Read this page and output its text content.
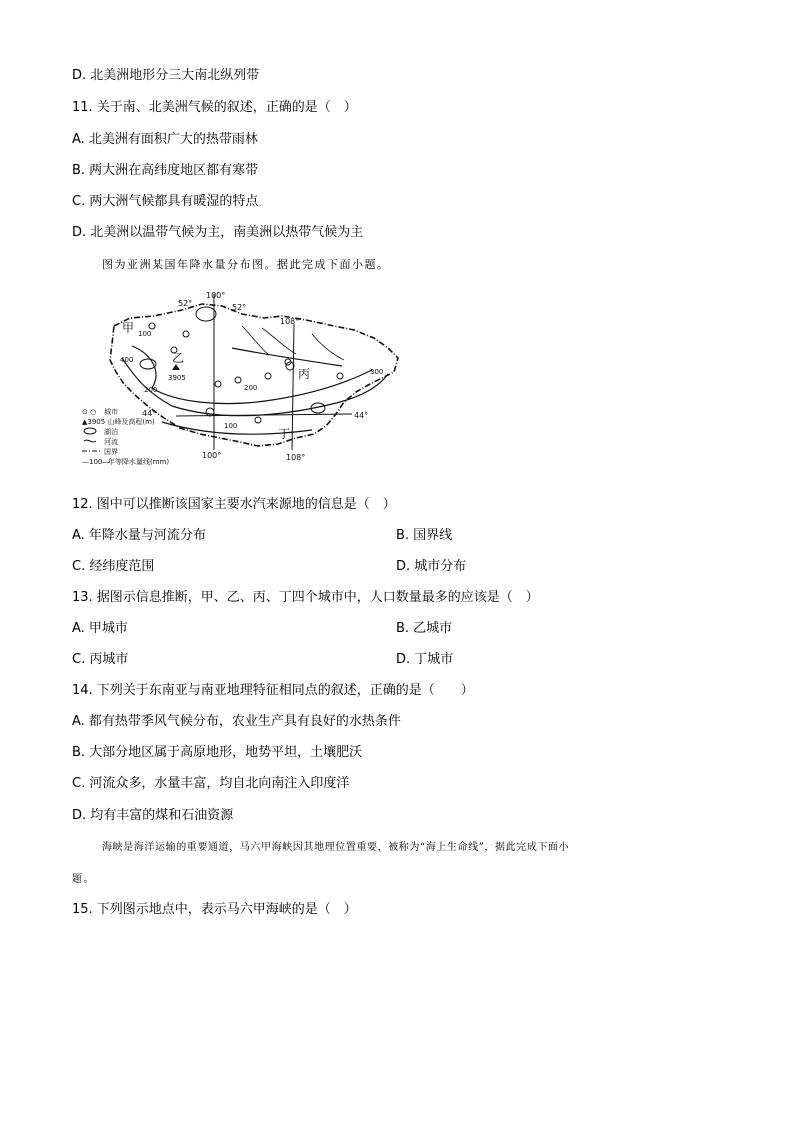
D. 北美洲地形分三大南北纵列带
11. 关于南、北美洲气候的叙述，正确的是（　）
A. 北美洲有面积广大的热带雨林
B. 两大洲在高纬度地区都有寒带
C. 两大洲气候都具有暖湿的特点
D. 北美洲以温带气候为主，南美洲以热带气候为主
图为亚洲某国年降水量分布图。据此完成下面小题。
52°	52°
44°	44°
100°
108°
100°	108°
甲
乙
丙
丁
3905
100
200
300
400
100
200
⊙ ○ 城市
▲3905 山峰及高程(m)
湖泊
河流
国界
—100—
年等降水量线(mm)
12. 图中可以推断该国家主要水汽来源地的信息是（　）
A. 年降水量与河流分布	B. 国界线
C. 经纬度范围	D. 城市分布
13. 据图示信息推断，甲、乙、丙、丁四个城市中，人口数量最多的应该是（　）
A. 甲城市	B. 乙城市
C. 丙城市	D. 丁城市
14. 下列关于东南亚与南亚地理特征相同点的叙述，正确的是（　　）
A. 都有热带季风气候分布，农业生产具有良好的水热条件
B. 大部分地区属于高原地形，地势平坦，土壤肥沃
C. 河流众多，水量丰富，均自北向南注入印度洋
D. 均有丰富的煤和石油资源
海峡是海洋运输的重要通道，马六甲海峡因其地理位置重要，被称为“海上生命线”，据此完成下面小
题。
15. 下列图示地点中，表示马六甲海峡的是（　）
